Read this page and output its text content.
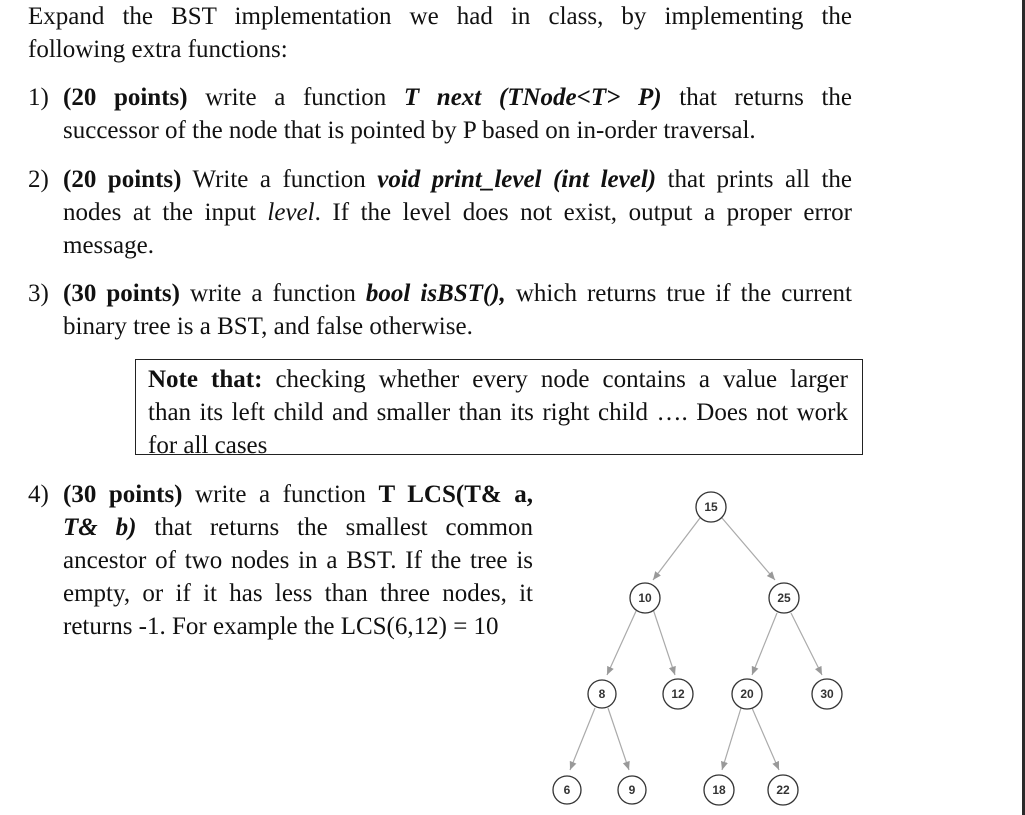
Expand the BST implementation we had in class, by implementing the
following extra functions:
1) (20 points) write a function T next (TNode<T> P) that returns the
successor of the node that is pointed by P based on in-order traversal.
2) (20 points) Write a function void print_level (int level) that prints all the
nodes at the input level. If the level does not exist, output a proper error
message.
3) (30 points) write a function bool isBST(), which returns true if the current
binary tree is a BST, and false otherwise.
Note that: checking whether every node contains a value larger
than its left child and smaller than its right child …. Does not work
for all cases
4) (30 points) write a function T LCS(T& a,
T& b) that returns the smallest common
ancestor of two nodes in a BST. If the tree is
empty, or if it has less than three nodes, it
returns -1. For example the LCS(6,12) = 10
15
10	25
8	12	20	30
6	9	18	22
